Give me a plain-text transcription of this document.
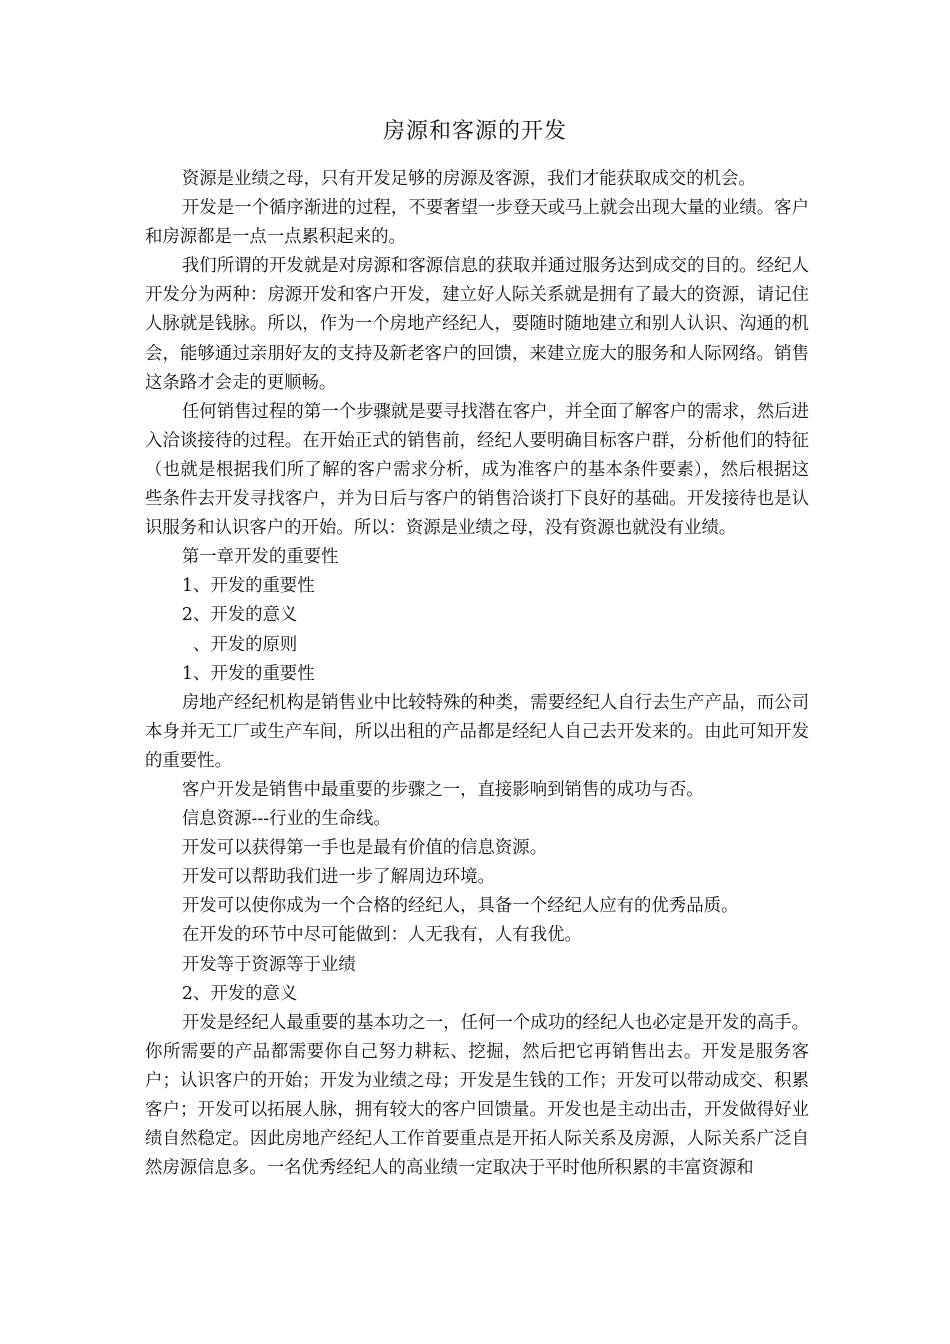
房源和客源的开发

资源是业绩之母，只有开发足够的房源及客源，我们才能获取成交的机会。

开发是一个循序渐进的过程，不要奢望一步登天或马上就会出现大量的业绩。客户和房源都是一点一点累积起来的。

我们所谓的开发就是对房源和客源信息的获取并通过服务达到成交的目的。经纪人开发分为两种：房源开发和客户开发，建立好人际关系就是拥有了最大的资源，请记住人脉就是钱脉。所以，作为一个房地产经纪人，要随时随地建立和别人认识、沟通的机会，能够通过亲朋好友的支持及新老客户的回馈，来建立庞大的服务和人际网络。销售这条路才会走的更顺畅。

任何销售过程的第一个步骤就是要寻找潜在客户，并全面了解客户的需求，然后进入洽谈接待的过程。在开始正式的销售前，经纪人要明确目标客户群，分析他们的特征（也就是根据我们所了解的客户需求分析，成为准客户的基本条件要素），然后根据这些条件去开发寻找客户，并为日后与客户的销售洽谈打下良好的基础。开发接待也是认识服务和认识客户的开始。所以：资源是业绩之母，没有资源也就没有业绩。

第一章开发的重要性

1、开发的重要性

2、开发的意义

、开发的原则

1、开发的重要性

房地产经纪机构是销售业中比较特殊的种类，需要经纪人自行去生产产品，而公司本身并无工厂或生产车间，所以出租的产品都是经纪人自己去开发来的。由此可知开发的重要性。

客户开发是销售中最重要的步骤之一，直接影响到销售的成功与否。

信息资源---行业的生命线。

开发可以获得第一手也是最有价值的信息资源。

开发可以帮助我们进一步了解周边环境。

开发可以使你成为一个合格的经纪人，具备一个经纪人应有的优秀品质。

在开发的环节中尽可能做到：人无我有，人有我优。

开发等于资源等于业绩

2、开发的意义

开发是经纪人最重要的基本功之一，任何一个成功的经纪人也必定是开发的高手。你所需要的产品都需要你自己努力耕耘、挖掘，然后把它再销售出去。开发是服务客户；认识客户的开始；开发为业绩之母；开发是生钱的工作；开发可以带动成交、积累客户；开发可以拓展人脉，拥有较大的客户回馈量。开发也是主动出击，开发做得好业绩自然稳定。因此房地产经纪人工作首要重点是开拓人际关系及房源，人际关系广泛自然房源信息多。一名优秀经纪人的高业绩一定取决于平时他所积累的丰富资源和
